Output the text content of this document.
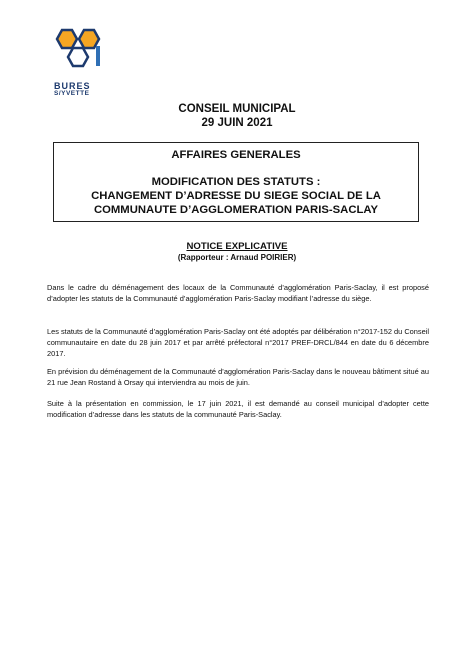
BURES
S/YVETTE
CONSEIL MUNICIPAL
29 JUIN 2021
AFFAIRES GENERALES
MODIFICATION DES STATUTS :
CHANGEMENT D’ADRESSE DU SIEGE SOCIAL DE LA
COMMUNAUTE D’AGGLOMERATION PARIS-SACLAY
NOTICE EXPLICATIVE
(Rapporteur : Arnaud POIRIER)

Dans le cadre du déménagement des locaux de la Communauté d’agglomération Paris-Saclay, il est proposé d’adopter les statuts de la Communauté d’agglomération Paris-Saclay modifiant l’adresse du siège.

Les statuts de la Communauté d’agglomération Paris-Saclay ont été adoptés par délibération n°2017-152 du Conseil communautaire en date du 28 juin 2017 et par arrêté préfectoral n°2017 PREF-DRCL/844 en date du 6 décembre 2017.

En prévision du déménagement de la Communauté d’agglomération Paris-Saclay dans le nouveau bâtiment situé au 21 rue Jean Rostand à Orsay qui interviendra au mois de juin.

Suite à la présentation en commission, le 17 juin 2021, il est demandé au conseil municipal d’adopter cette modification d’adresse dans les statuts de la communauté Paris-Saclay.
